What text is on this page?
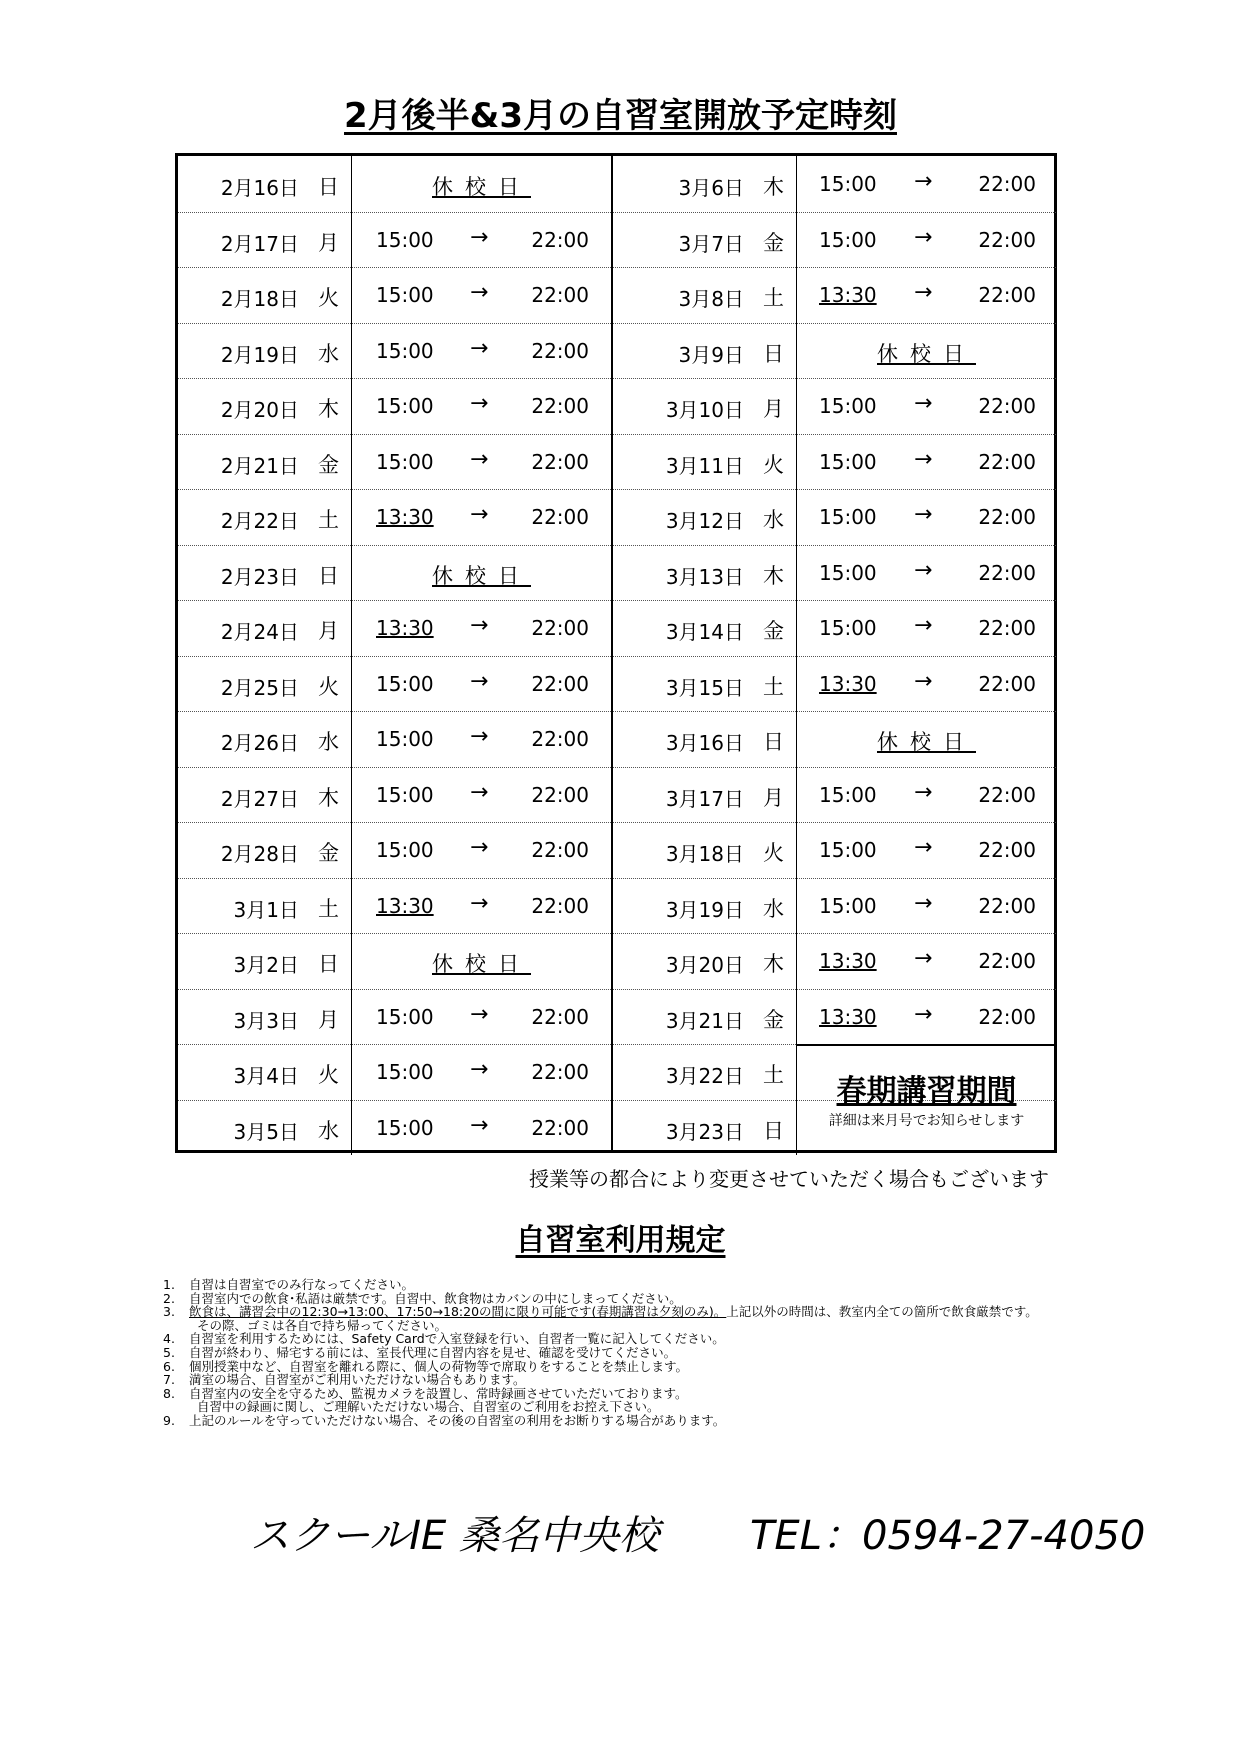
2月後半&3月の自習室開放予定時刻
2月16日 日	休校日
2月17日 月 15:00 → 22:00
2月18日 火 15:00 → 22:00
2月19日 水 15:00 → 22:00
2月20日 木 15:00 → 22:00
2月21日 金 15:00 → 22:00
2月22日 土 13:30 → 22:00
2月23日 日	休校日
2月24日 月 13:30 → 22:00
2月25日 火 15:00 → 22:00
2月26日 水 15:00 → 22:00
2月27日 木 15:00 → 22:00
2月28日 金 15:00 → 22:00
3月1日 土 13:30 → 22:00
3月2日 日	休校日
3月3日 月 15:00 → 22:00
3月4日 火 15:00 → 22:00
3月5日 水 15:00 → 22:00
3月6日 木 15:00 → 22:00
3月7日 金 15:00 → 22:00
3月8日 土 13:30 → 22:00
3月9日 日	休校日
3月10日 月 15:00 → 22:00
3月11日 火 15:00 → 22:00
3月12日 水 15:00 → 22:00
3月13日 木 15:00 → 22:00
3月14日 金 15:00 → 22:00
3月15日 土 13:30 → 22:00
3月16日 日	休校日
3月17日 月 15:00 → 22:00
3月18日 火 15:00 → 22:00
3月19日 水 15:00 → 22:00
3月20日 木 13:30 → 22:00
3月21日 金 13:30 → 22:00
3月22日 土
3月23日 日
春期講習期間
詳細は来月号でお知らせします
授業等の都合により変更させていただく場合もございます
自習室利用規定
1. 自習は自習室でのみ行なってください。
2. 自習室内での飲食･私語は厳禁です。自習中、飲食物はカバンの中にしまってください。
3. 飲食は、講習会中の12:30→13:00、17:50→18:20の間に限り可能です(春期講習は夕刻のみ)。上記以外の時間は、教室内全ての箇所で飲食厳禁です。
その際、ゴミは各自で持ち帰ってください。
4. 自習室を利用するためには、Safety Cardで入室登録を行い、自習者一覧に記入してください。
5. 自習が終わり、帰宅する前には、室長代理に自習内容を見せ、確認を受けてください。
6. 個別授業中など、自習室を離れる際に、個人の荷物等で席取りをすることを禁止します。
7. 満室の場合、自習室がご利用いただけない場合もあります。
8. 自習室内の安全を守るため、監視カメラを設置し、常時録画させていただいております。
自習中の録画に関し、ご理解いただけない場合、自習室のご利用をお控え下さい。
9. 上記のルールを守っていただけない場合、その後の自習室の利用をお断りする場合があります。
スクールIE 桑名中央校 TEL：0594-27-4050
